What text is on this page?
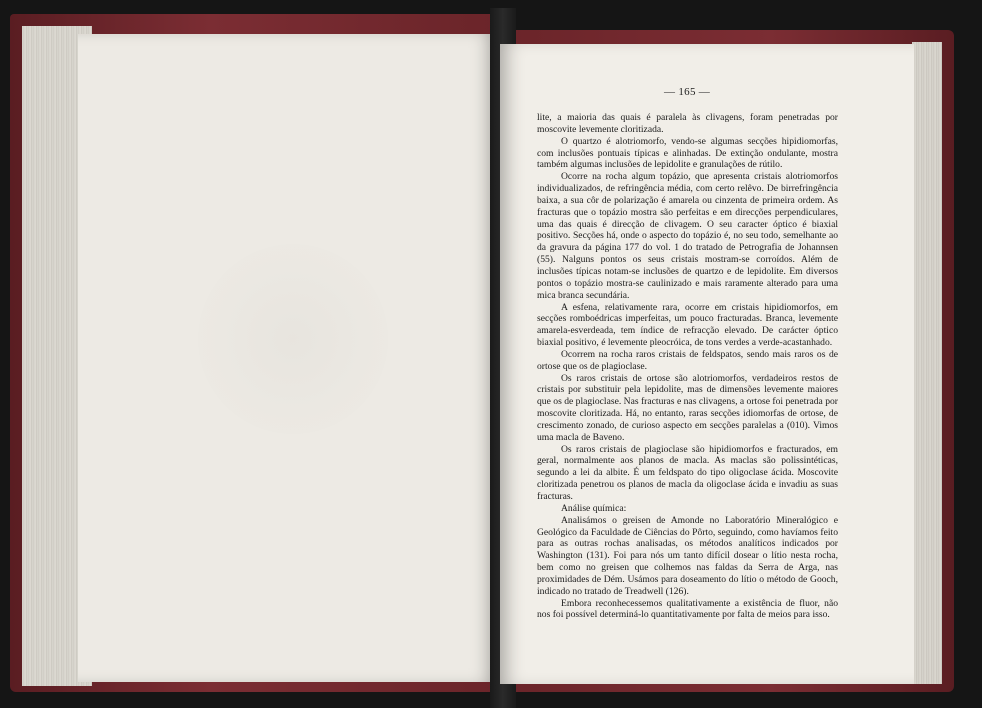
— 165 —

lite, a maioria das quais é paralela às clivagens, foram penetradas por moscovite levemente cloritizada.

O quartzo é alotriomorfo, vendo-se algumas secções hipidiomorfas, com inclusões pontuais típicas e alinhadas. De extinção ondulante, mostra também algumas inclusões de lepidolite e granulações de rútilo.

Ocorre na rocha algum topázio, que apresenta cristais alotriomorfos individualizados, de refringência média, com certo relêvo. De birrefringência baixa, a sua côr de polarização é amarela ou cinzenta de primeira ordem. As fracturas que o topázio mostra são perfeitas e em direcções perpendiculares, uma das quais é direcção de clivagem. O seu caracter óptico é biaxial positivo. Secções há, onde o aspecto do topázio é, no seu todo, semelhante ao da gravura da página 177 do vol. 1 do tratado de Petrografia de Johannsen (55). Nalguns pontos os seus cristais mostram-se corroídos. Além de inclusões típicas notam-se inclusões de quartzo e de lepidolite. Em diversos pontos o topázio mostra-se caulinizado e mais raramente alterado para uma mica branca secundária.

A esfena, relativamente rara, ocorre em cristais hipidiomorfos, em secções romboédricas imperfeitas, um pouco fracturadas. Branca, levemente amarela-esverdeada, tem índice de refracção elevado. De carácter óptico biaxial positivo, é levemente pleocróica, de tons verdes a verde-acastanhado.

Ocorrem na rocha raros cristais de feldspatos, sendo mais raros os de ortose que os de plagioclase.

Os raros cristais de ortose são alotriomorfos, verdadeiros restos de cristais por substituir pela lepidolite, mas de dimensões levemente maiores que os de plagioclase. Nas fracturas e nas clivagens, a ortose foi penetrada por moscovite cloritizada. Há, no entanto, raras secções idiomorfas de ortose, de crescimento zonado, de curioso aspecto em secções paralelas a (010). Vimos uma macla de Baveno.

Os raros cristais de plagioclase são hipidiomorfos e fracturados, em geral, normalmente aos planos de macla. As maclas são polissintéticas, segundo a lei da albite. É um feldspato do tipo oligoclase ácida. Moscovite cloritizada penetrou os planos de macla da oligoclase ácida e invadiu as suas fracturas.

Análise química:

Analisámos o greisen de Amonde no Laboratório Mineralógico e Geológico da Faculdade de Ciências do Pôrto, seguindo, como havíamos feito para as outras rochas analisadas, os métodos analíticos indicados por Washington (131). Foi para nós um tanto difícil dosear o lítio nesta rocha, bem como no greisen que colhemos nas faldas da Serra de Arga, nas proximidades de Dém. Usámos para doseamento do lítio o método de Gooch, indicado no tratado de Treadwell (126).

Embora reconhecessemos qualitativamente a existência de fluor, não nos foi possível determiná-lo quantitativamente por falta de meios para isso.
